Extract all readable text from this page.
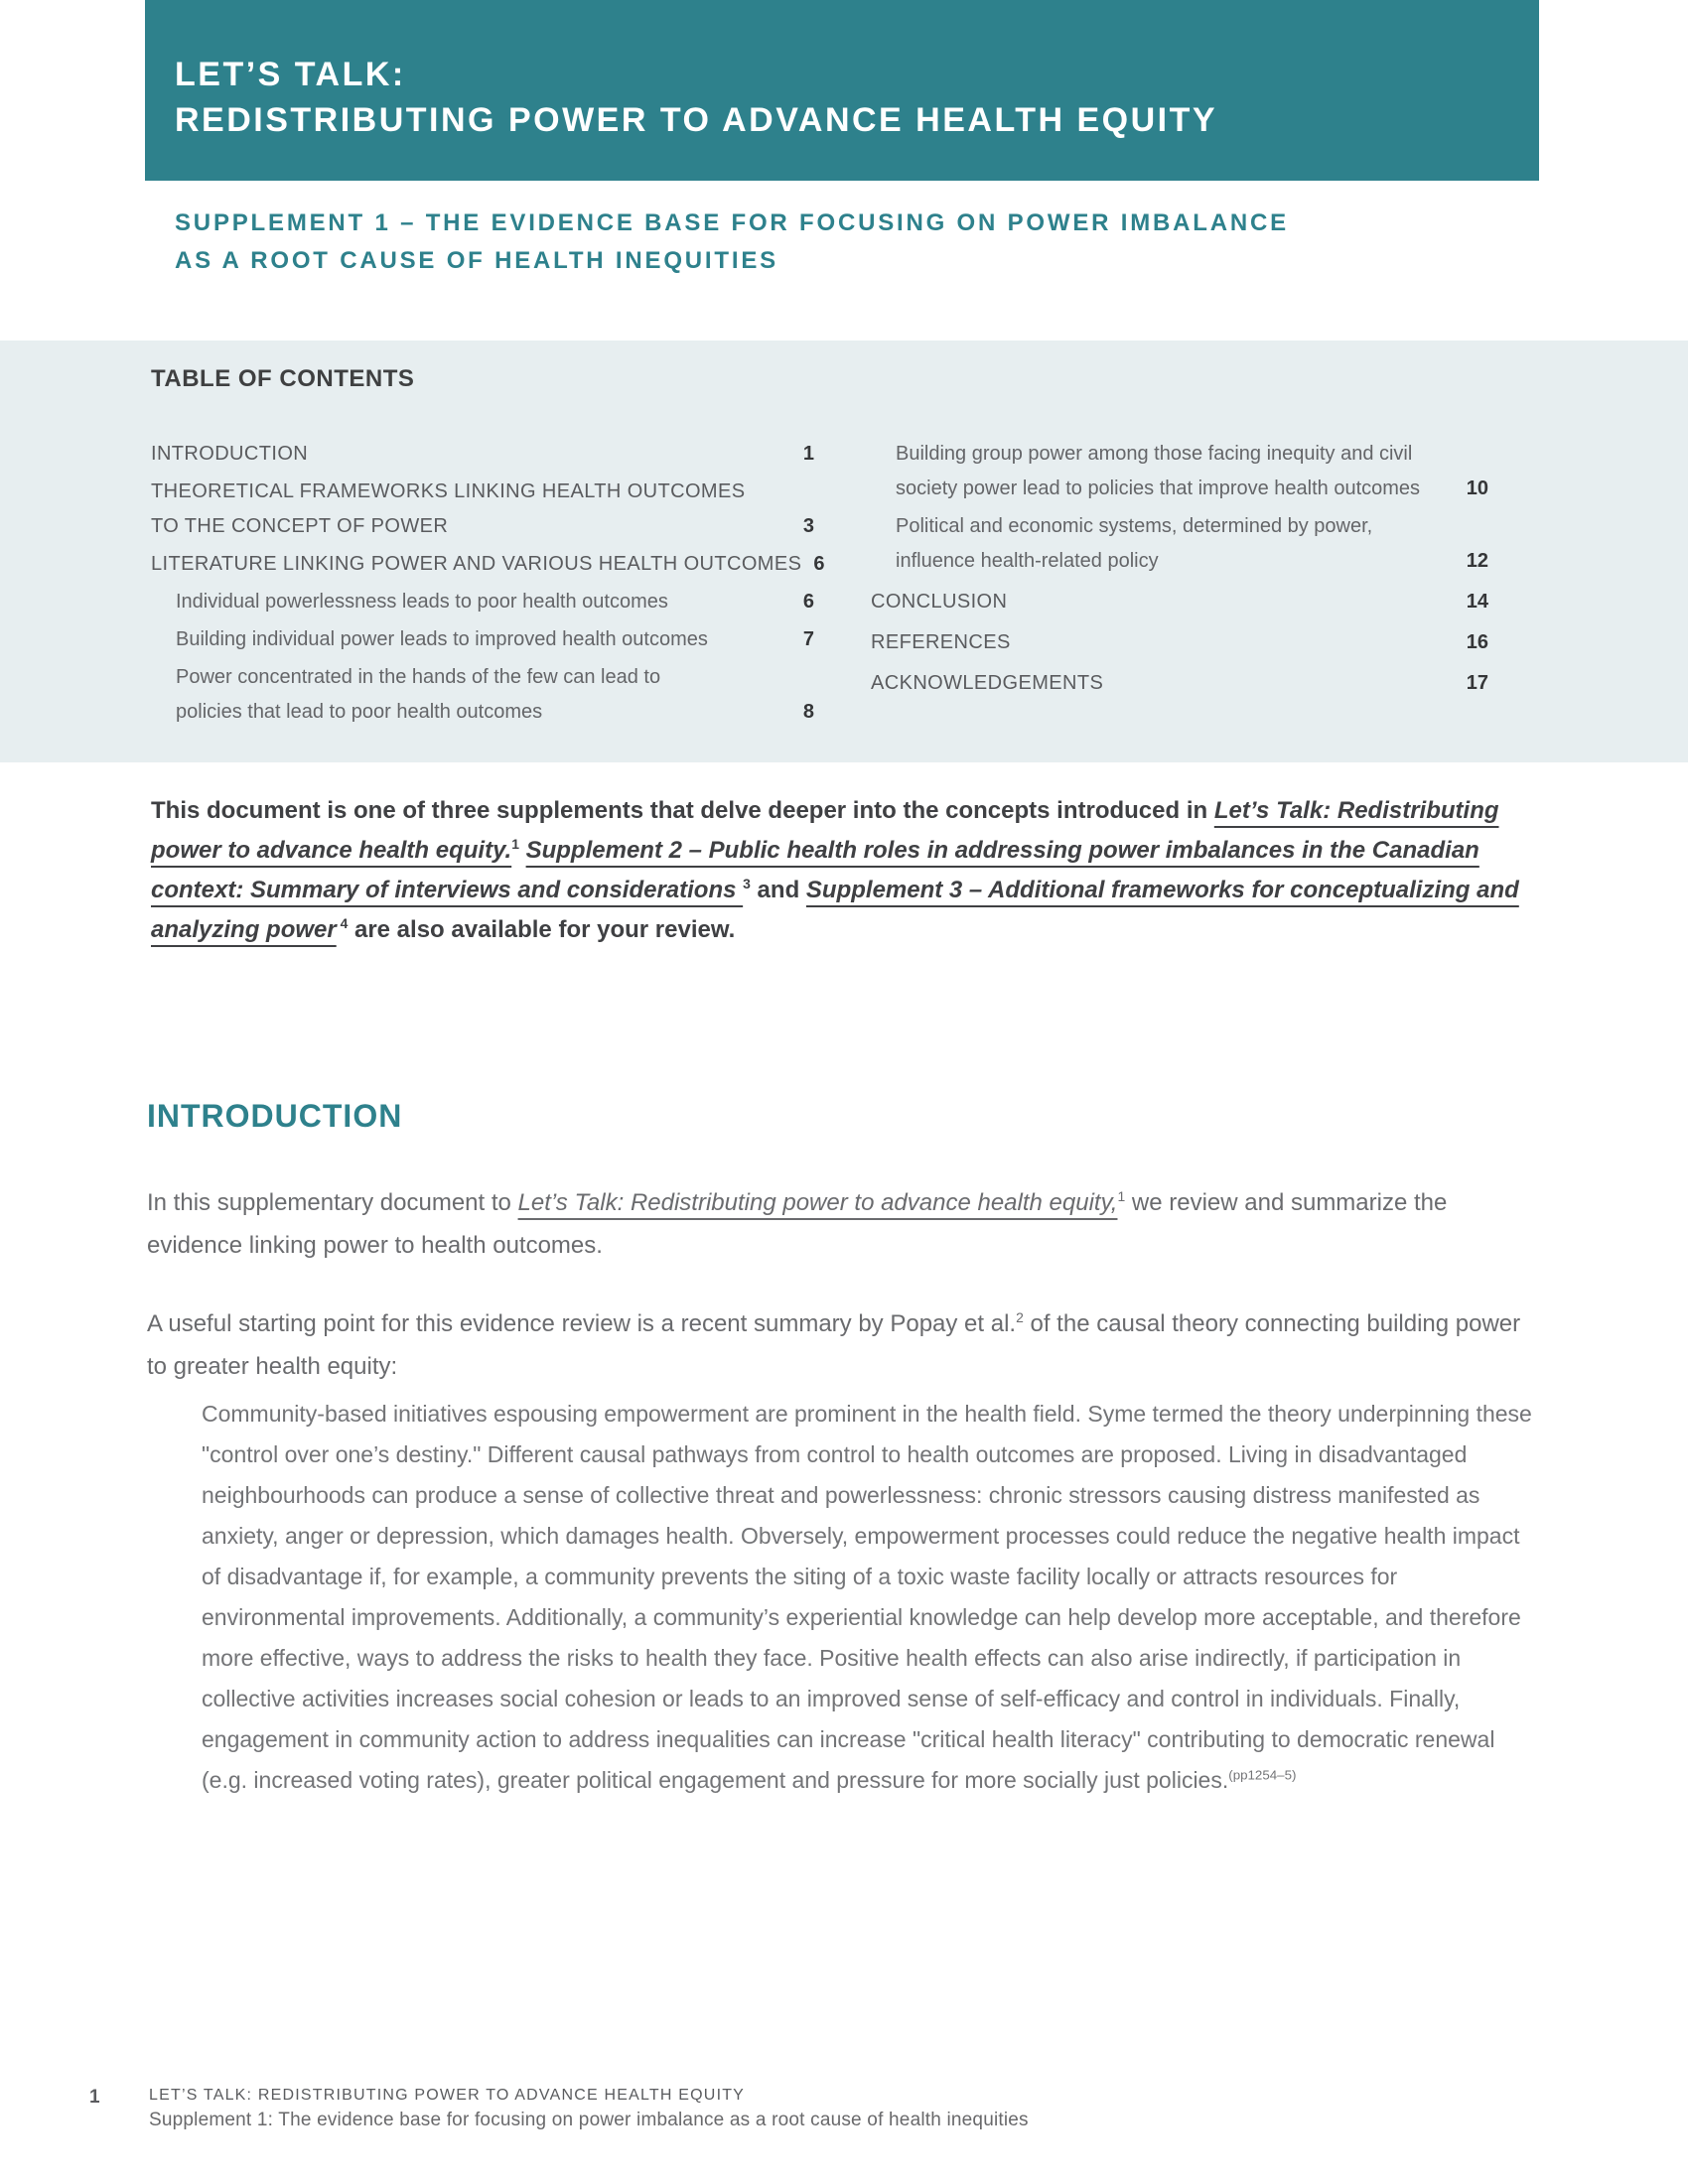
LET’S TALK:
REDISTRIBUTING POWER TO ADVANCE HEALTH EQUITY
SUPPLEMENT 1 – THE EVIDENCE BASE FOR FOCUSING ON POWER IMBALANCE
AS A ROOT CAUSE OF HEALTH INEQUITIES
TABLE OF CONTENTS
INTRODUCTION	1
THEORETICAL FRAMEWORKS LINKING HEALTH OUTCOMES
TO THE CONCEPT OF POWER	3
LITERATURE LINKING POWER AND VARIOUS HEALTH OUTCOMES 6
Individual powerlessness leads to poor health outcomes	6
Building individual power leads to improved health outcomes	7
Power concentrated in the hands of the few can lead to
policies that lead to poor health outcomes	8
Building group power among those facing inequity and civil
society power lead to policies that improve health outcomes	10
Political and economic systems, determined by power,
influence health-related policy	12
CONCLUSION	14
REFERENCES	16
ACKNOWLEDGEMENTS	17
This document is one of three supplements that delve deeper into the concepts introduced in Let’s Talk: Redistributing power to advance health equity.$^1$ Supplement 2 – Public health roles in addressing power imbalances in the Canadian context: Summary of interviews and considerations $^3$ and Supplement 3 – Additional frameworks for conceptualizing and analyzing power $^4$ are also available for your review.
INTRODUCTION
In this supplementary document to Let’s Talk: Redistributing power to advance health equity,$^1$ we review and summarize the evidence linking power to health outcomes.
A useful starting point for this evidence review is a recent summary by Popay et al.$^2$ of the causal theory connecting building power to greater health equity:
Community-based initiatives espousing empowerment are prominent in the health field. Syme termed the theory underpinning these "control over one’s destiny." Different causal pathways from control to health outcomes are proposed. Living in disadvantaged neighbourhoods can produce a sense of collective threat and powerlessness: chronic stressors causing distress manifested as anxiety, anger or depression, which damages health. Obversely, empowerment processes could reduce the negative health impact of disadvantage if, for example, a community prevents the siting of a toxic waste facility locally or attracts resources for environmental improvements. Additionally, a community’s experiential knowledge can help develop more acceptable, and therefore more effective, ways to address the risks to health they face. Positive health effects can also arise indirectly, if participation in collective activities increases social cohesion or leads to an improved sense of self-efficacy and control in individuals. Finally, engagement in community action to address inequalities can increase "critical health literacy" contributing to democratic renewal (e.g. increased voting rates), greater political engagement and pressure for more socially just policies.$^{(pp1254-5)}$
1	LET’S TALK: REDISTRIBUTING POWER TO ADVANCE HEALTH EQUITY
Supplement 1: The evidence base for focusing on power imbalance as a root cause of health inequities
